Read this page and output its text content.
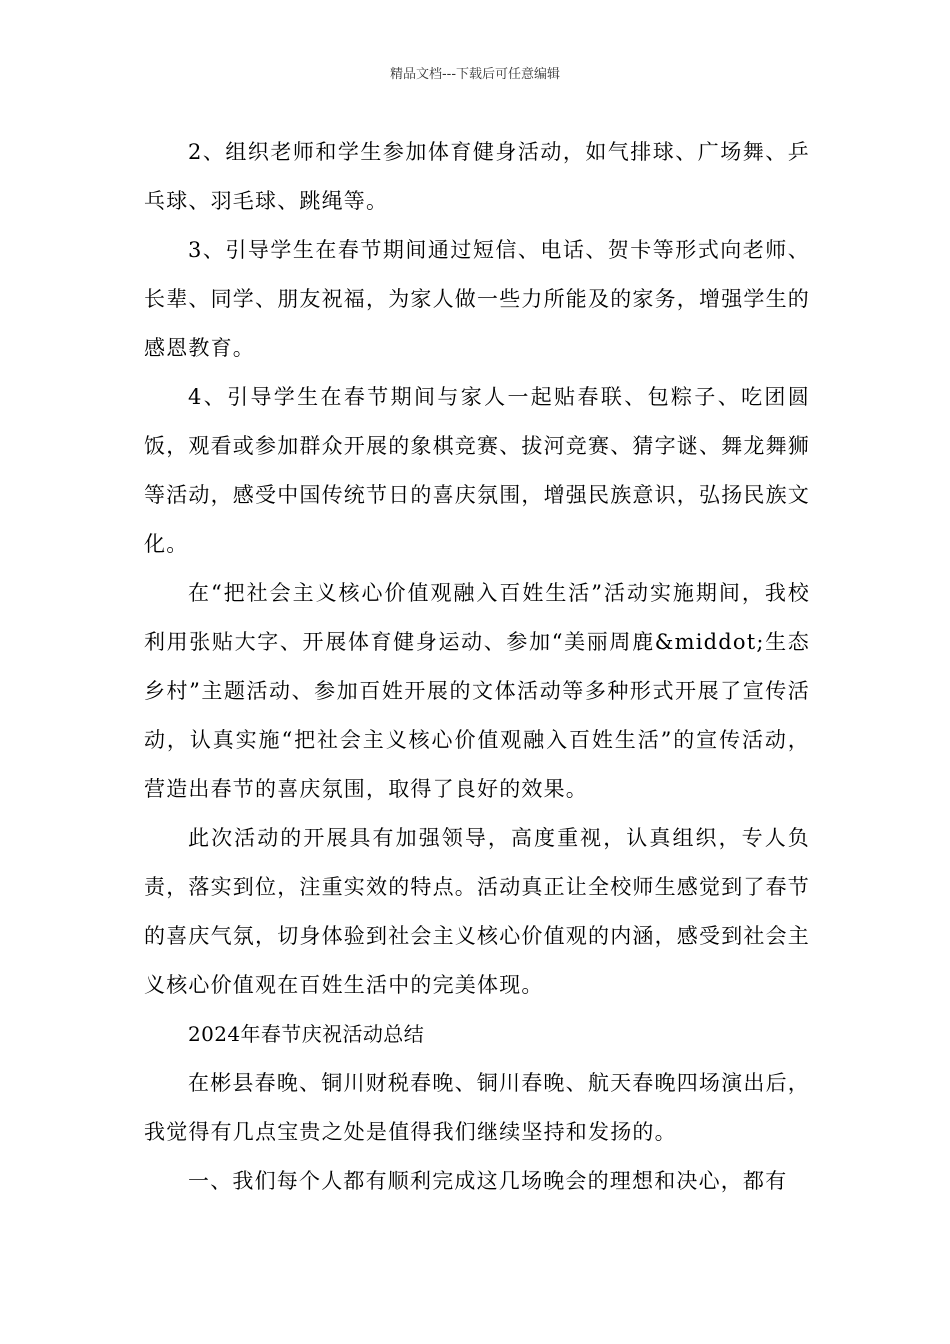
精品文档---下载后可任意编辑

2、组织老师和学生参加体育健身活动，如气排球、广场舞、乒乓球、羽毛球、跳绳等。

3、引导学生在春节期间通过短信、电话、贺卡等形式向老师、长辈、同学、朋友祝福，为家人做一些力所能及的家务，增强学生的感恩教育。

4、引导学生在春节期间与家人一起贴春联、包粽子、吃团圆饭，观看或参加群众开展的象棋竞赛、拔河竞赛、猜字谜、舞龙舞狮等活动，感受中国传统节日的喜庆氛围，增强民族意识，弘扬民族文化。

在“把社会主义核心价值观融入百姓生活”活动实施期间，我校利用张贴大字、开展体育健身运动、参加“美丽周鹿&middot;生态乡村”主题活动、参加百姓开展的文体活动等多种形式开展了宣传活动，认真实施“把社会主义核心价值观融入百姓生活”的宣传活动，营造出春节的喜庆氛围，取得了良好的效果。

此次活动的开展具有加强领导，高度重视，认真组织，专人负责，落实到位，注重实效的特点。活动真正让全校师生感觉到了春节的喜庆气氛，切身体验到社会主义核心价值观的内涵，感受到社会主义核心价值观在百姓生活中的完美体现。

2024年春节庆祝活动总结

在彬县春晚、铜川财税春晚、铜川春晚、航天春晚四场演出后，我觉得有几点宝贵之处是值得我们继续坚持和发扬的。

一、我们每个人都有顺利完成这几场晚会的理想和决心，都有
